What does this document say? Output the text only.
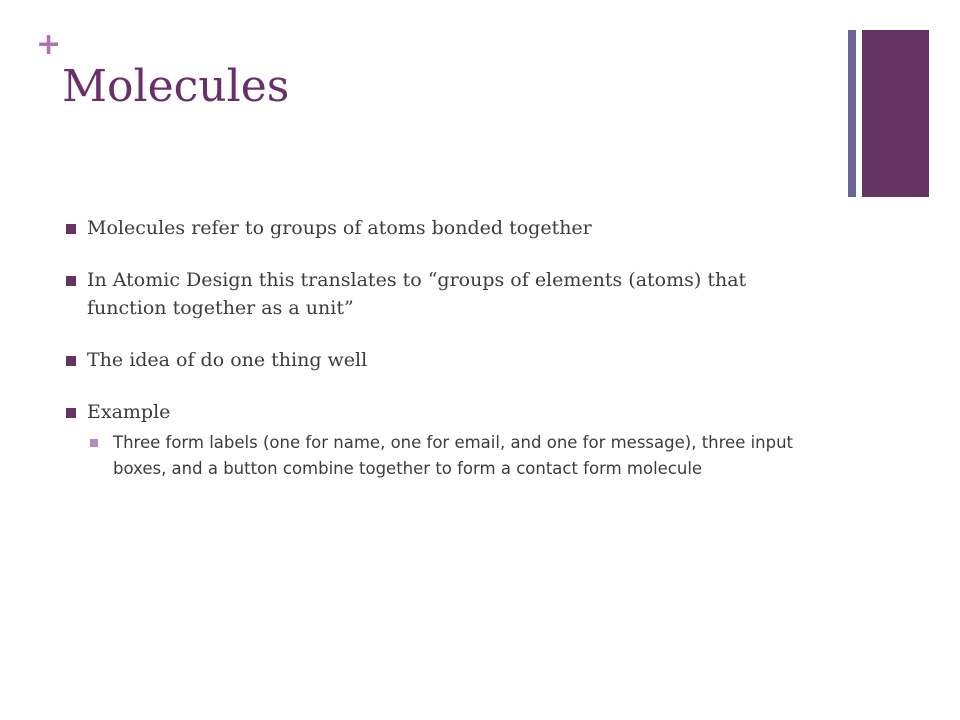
+
Molecules
Molecules refer to groups of atoms bonded together
In Atomic Design this translates to “groups of elements (atoms) that function together as a unit”
The idea of do one thing well
Example
Three form labels (one for name, one for email, and one for message), three input boxes, and a button combine together to form a contact form molecule
